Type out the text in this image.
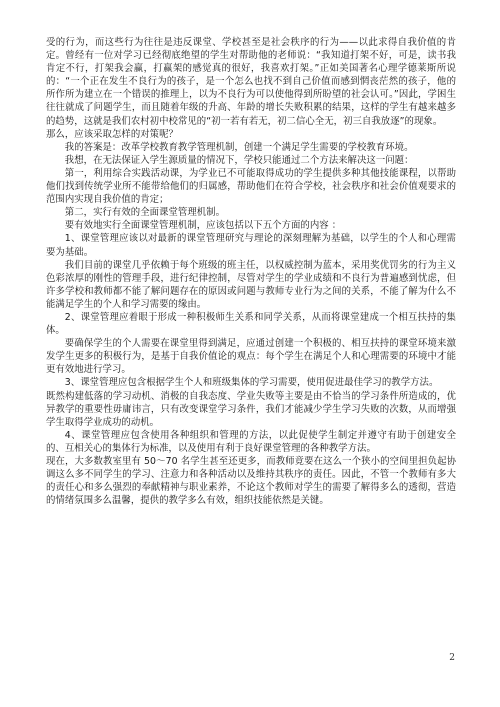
受的行为，而这些行为往往是违反课堂、学校甚至是社会秩序的行为——以此求得自我价值的肯定。曾经有一位对学习已经彻底绝望的学生对帮助他的老师说：“我知道打架不好，可是，读书我肯定不行，打架我会赢，打赢架的感觉真的很好，我喜欢打架。”正如美国著名心理学德莱斯所说的：“一个正在发生不良行为的孩子，是一个怎么也找不到自己价值而感到惘丧茫然的孩子，他的所作所为建立在一个错误的推理上，以为不良行为可以使他得到所盼望的社会认可。”因此，学困生往往就成了问题学生，而且随着年级的升高、年龄的增长失败积累的结果，这样的学生有越来越多的趋势，这就是我们农村初中校常见的“初一若有若无，初二信心全无，初三自我放逐”的现象。

那么，应该采取怎样的对策呢？

我的答案是：改革学校教育教学管理机制，创建一个满足学生需要的学校教育环境。

我想，在无法保证入学生源质量的情况下，学校只能通过二个方法来解决这一问题：

第一，利用综合实践活动课，为学业已不可能取得成功的学生提供多种其他技能课程，以帮助他们找到传统学业所不能带给他们的归属感，帮助他们在符合学校，社会秩序和社会价值观要求的范围内实现自我价值的肯定；

第二，实行有效的全面课堂管理机制。

要有效地实行全面课堂管理机制，应该包括以下五个方面的内容 ：

1、课堂管理应该以对最新的课堂管理研究与理论的深刻理解为基础，以学生的个人和心理需要为基础。

我们目前的课堂几乎依赖于每个班级的班主任，以权威控制为蓝本，采用奖优罚劣的行为主义色彩浓厚的刚性的管理手段，进行纪律控制，尽管对学生的学业成绩和不良行为普遍感到忧虑，但许多学校和教师都不能了解问题存在的原因或问题与教师专业行为之间的关系，不能了解为什么不能满足学生的个人和学习需要的缘由。

2、课堂管理应着眼于形成一种积极师生关系和同学关系，从而将课堂建成一个相互扶持的集体。

要确保学生的个人需要在课堂里得到满足，应通过创建一个积极的、相互扶持的课堂环境来激发学生更多的积极行为，是基于自我价值论的观点：每个学生在满足个人和心理需要的环境中才能更有效地进行学习。

3、课堂管理应包含根据学生个人和班级集体的学习需要，使用促进最佳学习的教学方法。

既然构建低落的学习动机、消极的自我态度、学业失败等主要是由不恰当的学习条件所造成的，优异教学的重要性毋庸讳言，只有改变课堂学习条件，我们才能减少学生学习失败的次数，从而增强学生取得学业成功的动机。

4、课堂管理应包含使用各种组织和管理的方法，以此促使学生制定并遵守有助于创建安全的、互相关心的集体行为标准，以及使用有利于良好课堂管理的各种教学方法。

现在，大多数教室里有 50～70 名学生甚至还更多，而教师竟要在这么一个狭小的空间里担负起协调这么多不同学生的学习、注意力和各种活动以及维持其秩序的责任。因此，不管一个教师有多大的责任心和多么强烈的奉献精神与职业素养，不论这个教师对学生的需要了解得多么的透彻，营造的情绪氛围多么温馨，提供的教学多么有效，组织技能依然是关键。

2
